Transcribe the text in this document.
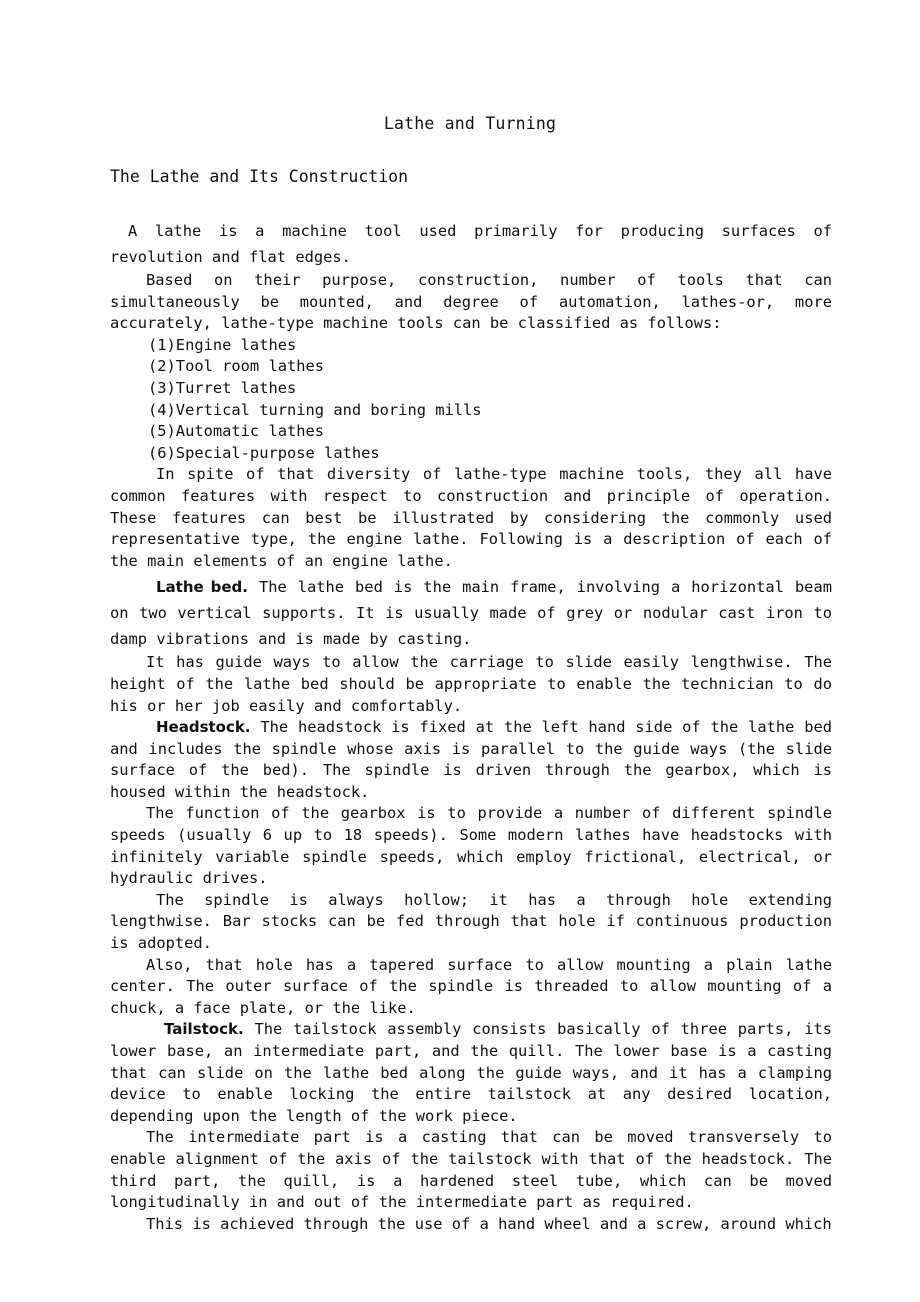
Lathe and Turning
The Lathe and Its Construction

A lathe is a machine tool used primarily for producing surfaces of revolution and flat edges.

Based on their purpose, construction, number of tools that can simultaneously be mounted, and degree of automation, lathes-or, more accurately, lathe-type machine tools can be classified as follows:

(1)Engine lathes

(2)Tool room lathes

(3)Turret lathes

(4)Vertical turning and boring mills

(5)Automatic lathes

(6)Special-purpose lathes

In spite of that diversity of lathe-type machine tools, they all have common features with respect to construction and principle of operation. These features can best be illustrated by considering the commonly used representative type, the engine lathe. Following is a description of each of the main elements of an engine lathe.

Lathe bed. The lathe bed is the main frame, involving a horizontal beam on two vertical supports. It is usually made of grey or nodular cast iron to damp vibrations and is made by casting.

It has guide ways to allow the carriage to slide easily lengthwise. The height of the lathe bed should be appropriate to enable the technician to do his or her job easily and comfortably.

Headstock. The headstock is fixed at the left hand side of the lathe bed and includes the spindle whose axis is parallel to the guide ways (the slide surface of the bed). The spindle is driven through the gearbox, which is housed within the headstock.

The function of the gearbox is to provide a number of different spindle speeds (usually 6 up to 18 speeds). Some modern lathes have headstocks with infinitely variable spindle speeds, which employ frictional, electrical, or hydraulic drives.

The spindle is always hollow; it has a through hole extending lengthwise. Bar stocks can be fed through that hole if continuous production is adopted.

Also, that hole has a tapered surface to allow mounting a plain lathe center. The outer surface of the spindle is threaded to allow mounting of a chuck, a face plate, or the like.

Tailstock. The tailstock assembly consists basically of three parts, its lower base, an intermediate part, and the quill. The lower base is a casting that can slide on the lathe bed along the guide ways, and it has a clamping device to enable locking the entire tailstock at any desired location, depending upon the length of the work piece.

The intermediate part is a casting that can be moved transversely to enable alignment of the axis of the tailstock with that of the headstock. The third part, the quill, is a hardened steel tube, which can be moved longitudinally in and out of the intermediate part as required.

This is achieved through the use of a hand wheel and a screw, around which
